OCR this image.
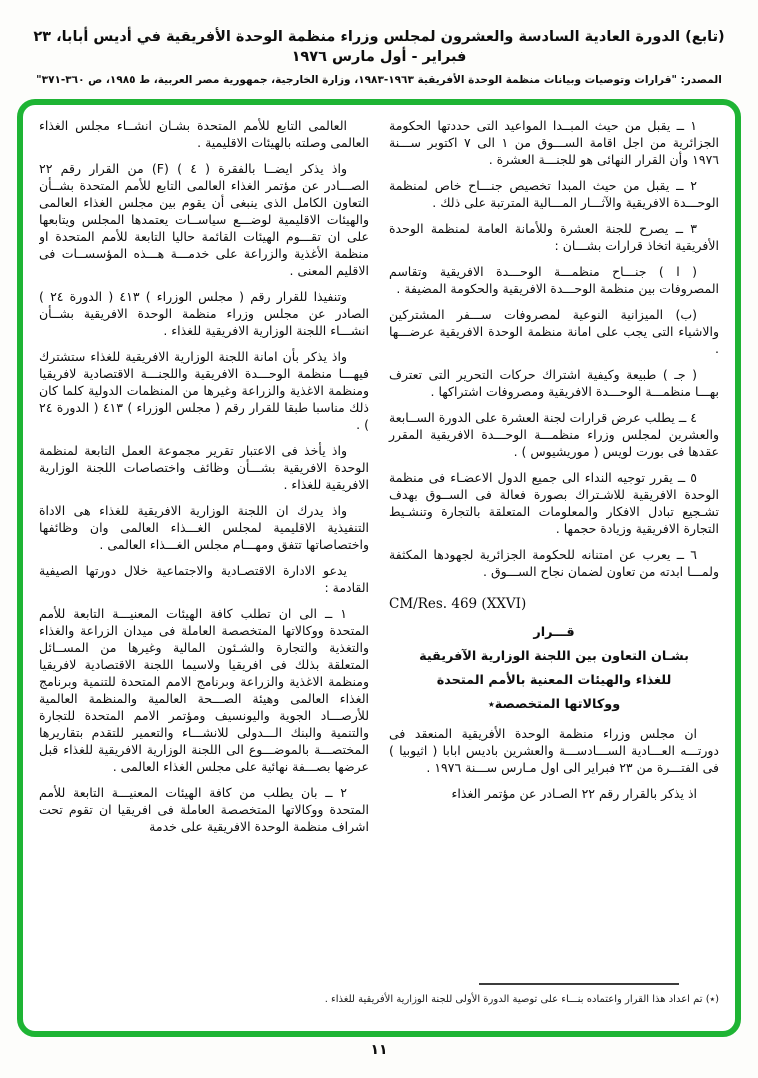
(تابع) الدورة العادية السادسة والعشرون لمجلس وزراء منظمة الوحدة الأفريقية في أديس أبابا، ٢٣ فبراير - أول مارس ١٩٧٦
المصدر: "قرارات وتوصيات وبيانات منظمة الوحدة الأفريقية ١٩٦٣-١٩٨٣، وزارة الخارجية، جمهورية مصر العربية، ط ١٩٨٥، ص ٣٦٠-٣٧١"

١ ــ يقبل من حيث المبــدا المواعيد التى حددتها الحكومة الجزائرية من اجل اقامة الســـوق من ١ الى ٧ اكتوبر ســـنة ١٩٧٦ وأن القرار النهائى هو للجنـــة العشرة .

٢ ــ يقبل من حيث المبدا تخصيص جنـــاح خاص لمنظمة الوحـــدة الافريقية والآثـــار المـــالية المترتبة على ذلك .

٣ ــ يصرح للجنة العشرة وللأمانة العامة لمنظمة الوحدة الأفريقية اتخاذ قرارات بشـــان :

( ا ) جنـــاح منظمـــة الوحـــدة الافريقية وتقاسم المصروفات بين منظمة الوحـــدة الافريقية والحكومة المضيفة .

(ب) الميزانية النوعية لمصروفات ســـفر المشتركين والاشياء التى يجب على امانة منظمة الوحدة الافريقية عرضـــها .

( جـ ) طبيعة وكيفية اشتراك حركات التحرير التى تعترف بهـــا منظمـــة الوحـــدة الافريقية ومصروفات اشتراكها .

٤ ــ يطلب عرض قرارات لجنة العشرة على الدورة الســابعة والعشرين لمجلس وزراء منظمـــة الوحـــدة الافريقية المقرر عقدها فى بورت لويس ( موريشيوس ) .

٥ ــ يقرر توجيه النداء الى جميع الدول الاعضـاء فى منظمة الوحدة الافريقية للاشـتراك بصورة فعالة فى الســوق بهدف تشـجيع تبادل الافكار والمعلومات المتعلقة بالتجارة وتنشـيط التجارة الافريقية وزيادة حجمها .

٦ ــ يعرب عن امتنانه للحكومة الجزائرية لجهودها المكثفة ولمـــا ابدته من تعاون لضمان نجاح الســـوق .

CM/Res. 469 (XXVI)
قـــرار
بشـان التعاون بين اللجنة الوزارية الآفريقية
للغذاء والهيئات المعنية بالأمم المتحدة
ووكالاتها المتخصصة٭

ان مجلس وزراء منظمة الوحدة الأفريقية المنعقد فى دورتـــه العـــادية الســـادســـة والعشرين باديس ابابا ( اثيوبيا ) فى الفتـــرة من ٢٣ فبراير الى اول مـارس ســـنة ١٩٧٦ .

اذ يذكر بالقرار رقم ٢٢ الصـادر عن مؤتمر الغذاء

العالمى التابع للأمم المتحدة بشـان انشــاء مجلس الغذاء العالمى وصلته بالهيئات الاقليمية .

واذ يذكر ايضــا بالفقرة ( ٤ ) (F) من القرار رقم ٢٢ الصـــادر عن مؤتمر الغذاء العالمى التابع للأمم المتحدة بشــأن التعاون الكامل الذى ينبغى أن يقوم بين مجلس الغذاء العالمى والهيئات الاقليمية لوضـــع سياســات يعتمدها المجلس ويتابعها على ان تقـــوم الهيئات القائمة حاليا التابعة للأمم المتحدة او منظمة الأغذية والزراعة على خدمـــة هـــذه المؤسســات فى الاقليم المعنى .

وتنفيذا للقرار رقم ( مجلس الوزراء ) ٤١٣ ( الدورة ٢٤ ) الصادر عن مجلس وزراء منظمة الوحدة الافريقية بشــأن انشـــاء اللجنة الوزارية الافريقية للغذاء .

واذ يذكر بأن امانة اللجنة الوزارية الافريقية للغذاء ستشترك فيهـــا منظمة الوحـــدة الافريقية واللجنـــة الاقتصادية لافريقيا ومنظمة الاغذية والزراعة وغيرها من المنظمات الدولية كلما كان ذلك مناسبا طبقا للقرار رقم ( مجلس الوزراء ) ٤١٣ ( الدورة ٢٤ ) .

واذ يأخذ فى الاعتبار تقرير مجموعة العمل التابعة لمنظمة الوحدة الافريقية بشـــأن وظائف واختصاصات اللجنة الوزارية الافريقية للغذاء .

واذ يدرك ان اللجنة الوزارية الافريقية للغذاء هى الاداة التنفيذية الاقليمية لمجلس الغـــذاء العالمى وان وظائفها واختصاصاتها تتفق ومهـــام مجلس الغـــذاء العالمى .

يدعو الادارة الاقتصـادية والاجتماعية خلال دورتها الصيفية القادمة :

١ ــ الى ان تطلب كافة الهيئات المعنيـــة التابعة للأمم المتحدة ووكالاتها المتخصصة العاملة فى ميدان الزراعة والغذاء والتغذية والتجارة والشـئون المالية وغيرها من المســائل المتعلقة بذلك فى افريقيا ولاسيما اللجنة الاقتصادية لافريقيا ومنظمة الاغذية والزراعة وبرنامج الامم المتحدة للتنمية وبرنامج الغذاء العالمى وهيئة الصـــحة العالمية والمنظمة العالمية للأرصـــاد الجوية واليونسيف ومؤتمر الامم المتحدة للتجارة والتنمية والبنك الـــدولى للانشـــاء والتعمير للتقدم بتقاريرها المختصـــة بالموضـــوع الى اللجنة الوزارية الافريقية للغذاء قبل عرضها بصـــفة نهائية على مجلس الغذاء العالمى .

٢ ــ بان يطلب من كافة الهيئات المعنيـــة التابعة للأمم المتحدة ووكالاتها المتخصصة العاملة فى افريقيا ان تقوم تحت اشراف منظمة الوحدة الافريقية على خدمة

(٭) تم اعداد هذا القرار واعتماده بنـــاء على توصية الدورة الأولى للجنة الوزارية الأفريقية للغذاء .
١١
